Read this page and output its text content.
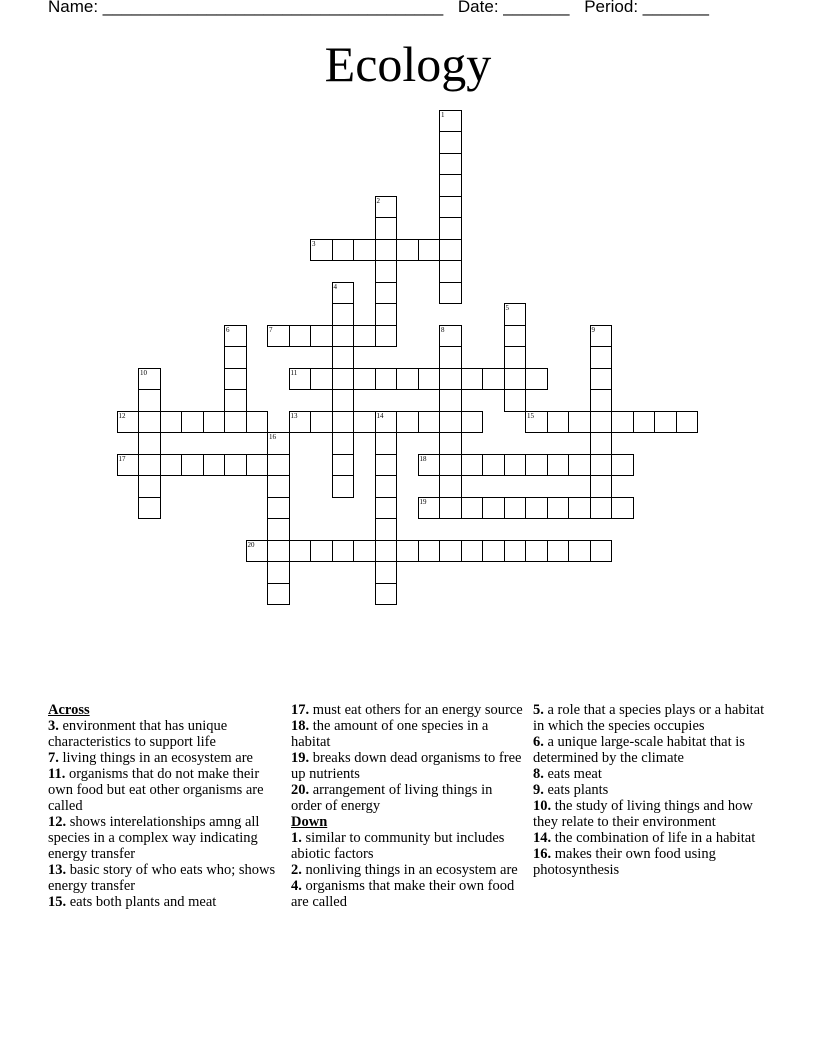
Name: ____________________________________ Date: _______ Period: _______
Ecology
1
2
3
4
5
6	7	8	9
10	11
12	13	14	15
16
17	18
19
20
Across
3. environment that has unique characteristics to support life
7. living things in an ecosystem are
11. organisms that do not make their own food but eat other organisms are called
12. shows interelationships amng all species in a complex way indicating energy transfer
13. basic story of who eats who; shows energy transfer
15. eats both plants and meat
17. must eat others for an energy source
18. the amount of one species in a habitat
19. breaks down dead organisms to free up nutrients
20. arrangement of living things in order of energy
Down
1. similar to community but includes abiotic factors
2. nonliving things in an ecosystem are
4. organisms that make their own food are called
5. a role that a species plays or a habitat in which the species occupies
6. a unique large-scale habitat that is determined by the climate
8. eats meat
9. eats plants
10. the study of living things and how they relate to their environment
14. the combination of life in a habitat
16. makes their own food using photosynthesis
